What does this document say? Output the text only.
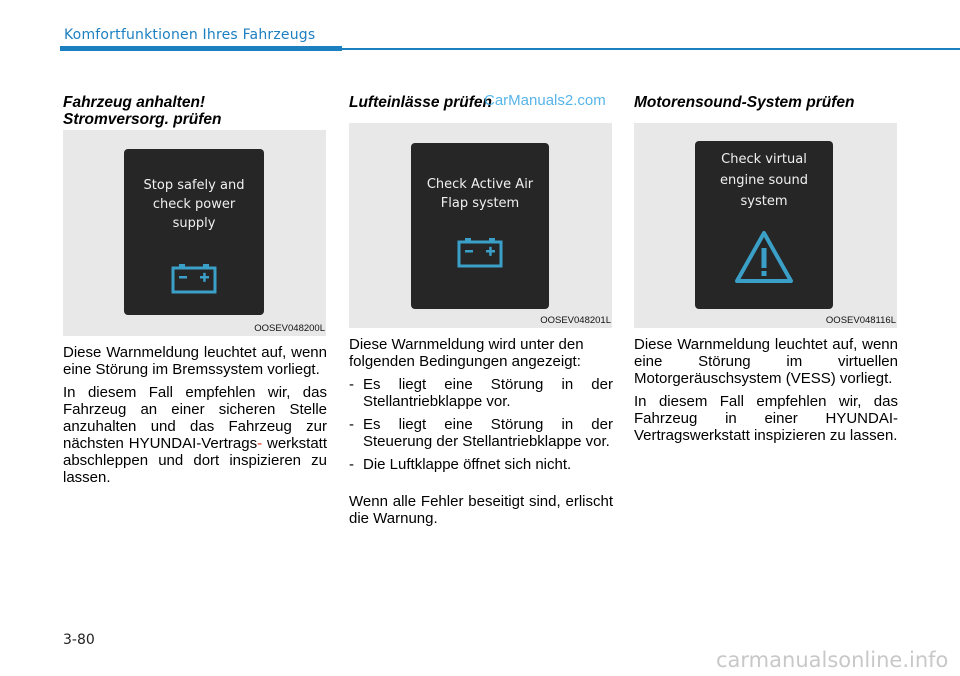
Komfortfunktionen Ihres Fahrzeugs
Fahrzeug anhalten!
Stromversorg. prüfen
Stop safely and
check power
supply
OOSEV048200L

Diese Warnmeldung leuchtet auf, wenn eine Störung im Bremssystem vorliegt.

In diesem Fall empfehlen wir, das Fahrzeug an einer sicheren Stelle anzuhalten und das Fahrzeug zur nächsten HYUNDAI-Vertrags- werkstatt abschleppen und dort inspizieren zu lassen.

Lufteinlässe prüfen
Check Active Air
Flap system
OOSEV048201L

Diese Warnmeldung wird unter den folgenden Bedingungen angezeigt:

- Es liegt eine Störung in der Stellantriebklappe vor.
- Es liegt eine Störung in der Steuerung der Stellantriebklappe vor.
- Die Luftklappe öffnet sich nicht.

Wenn alle Fehler beseitigt sind, erlischt die Warnung.

Motorensound-System prüfen
Check virtual
engine sound
system
OOSEV048116L

Diese Warnmeldung leuchtet auf, wenn eine Störung im virtuellen Motorgeräuschsystem (VESS) vorliegt.

In diesem Fall empfehlen wir, das Fahrzeug in einer HYUNDAI-Vertragswerkstatt inspizieren zu lassen.

CarManuals2.com
3-80
carmanualsonline.info
